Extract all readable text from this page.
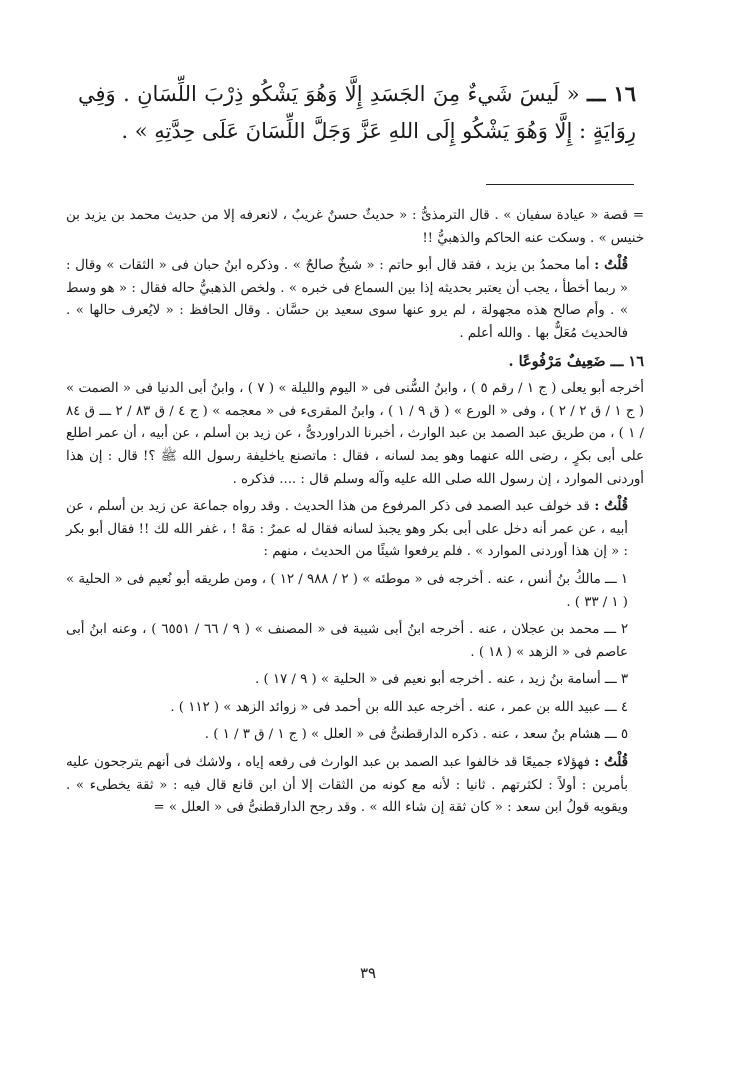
١٦ ـــ « لَيسَ شَيءٌ مِنَ الجَسَدِ إِلَّا وَهُوَ يَشْكُو ذِرْبَ اللِّسَانِ . وَفِي رِوَايَةٍ : إِلَّا وَهُوَ يَشْكُو إِلَى اللهِ عَزَّ وَجَلَّ اللِّسَانَ عَلَى حِدَّتِهِ » .

= قصة « عيادة سفيان » . قال الترمذىُّ : « حديثٌ حسنٌ غريبٌ ، لانعرفه إلا من حديث محمد بن يزيد بن خنيس » . وسكت عنه الحاكم والذهبيُّ !!

قُلْتُ : أما محمدُ بن يزيد ، فقد قال أبو حاتم : « شيخٌ صالحٌ » . وذكره ابنُ حبان فى « الثقات » وقال : « ربما أخطأ ، يجب أن يعتبر بحديثه إذا بين السماع فى خبره » . ولخص الذهبيُّ حاله فقال : « هو وسط » . وأم صالح هذه مجهولة ، لم يرو عنها سوى سعيد بن حسَّان . وقال الحافظ : « لايُعرف حالها » . فالحديث مُعَلٌّ بها . والله أعلم .

١٦ ـــ ضَعِيفٌ مَرْفُوعًا .

أخرجه أبو يعلى ( ج ١ / رقم ٥ ) ، وابنُ السُّنى فى « اليوم والليلة » ( ٧ ) ، وابنُ أبى الدنيا فى « الصمت » ( ج ١ / ق ٢ / ٢ ) ، وفى « الورع » ( ق ٩ / ١ ) ، وابنُ المقرىء فى « معجمه » ( ج ٤ / ق ٨٣ / ٢ ـــ ق ٨٤ / ١ ) ، من طريق عبد الصمد بن عبد الوارث ، أخبرنا الدراوردىُّ ، عن زيد بن أسلم ، عن أبيه ، أن عمر اطلع على أبى بكرٍ ، رضى الله عنهما وهو يمد لسانه ، فقال : ماتصنع ياخليفة رسول الله ﷺ ؟! قال : إن هذا أوردنى الموارد ، إن رسول الله صلى الله عليه وآله وسلم قال : .... فذكره .

قُلْتُ : قد خولف عبد الصمد فى ذكر المرفوع من هذا الحديث . وقد رواه جماعة عن زيد بن أسلم ، عن أبيه ، عن عمر أنه دخل على أبى بكر وهو يجبذ لسانه فقال له عمرُ : مَهْ ! ، غفر الله لك !! فقال أبو بكر : « إن هذا أوردنى الموارد » . فلم يرفعوا شيئًا من الحديث ، منهم :

١ ـــ مالكُ بنُ أنس ، عنه . أخرجه فى « موطئه » ( ٢ / ٩٨٨ / ١٢ ) ، ومن طريقه أبو نُعيم فى « الحلية » ( ١ / ٣٣ ) .

٢ ـــ محمد بن عجلان ، عنه . أخرجه ابنُ أبى شيبة فى « المصنف » ( ٩ / ٦٦ / ٦٥٥١ ) ، وعنه ابنُ أبى عاصم فى « الزهد » ( ١٨ ) .

٣ ـــ أسامة بنُ زيد ، عنه . أخرجه أبو نعيم فى « الحلية » ( ٩ / ١٧ ) .

٤ ـــ عبيد الله بن عمر ، عنه . أخرجه عبد الله بن أحمد فى « زوائد الزهد » ( ١١٢ ) .

٥ ـــ هشام بنُ سعد ، عنه . ذكره الدارقطنىُّ فى « العلل » ( ج ١ / ق ٣ / ١ ) .

قُلْتُ : فهؤلاء جميعًا قد خالفوا عبد الصمد بن عبد الوارث فى رفعه إياه ، ولاشك فى أنهم يترجحون عليه بأمرين : أولاً : لكثرتهم . ثانيا : لأنه مع كونه من الثقات إلا أن ابن قانع قال فيه : « ثقة يخطىء » . ويقويه قولُ ابن سعد : « كان ثقة إن شاء الله » . وقد رجح الدارقطنىُّ فى « العلل » =

٣٩
